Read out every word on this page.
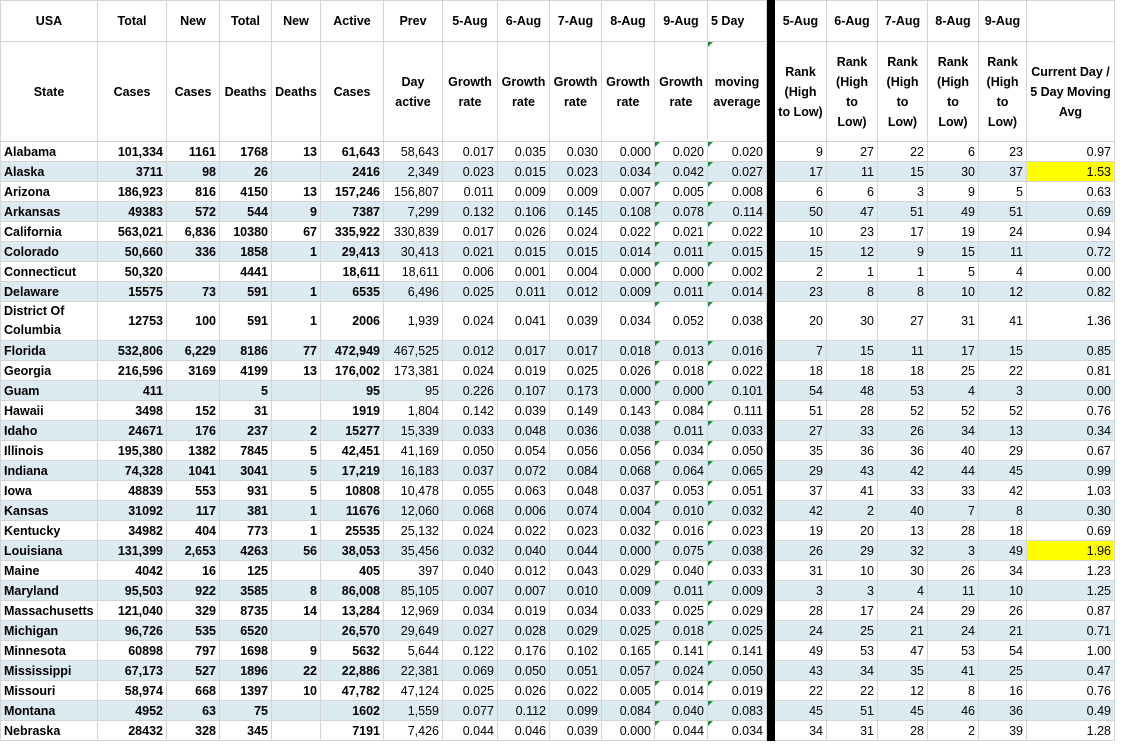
USA	Total	New	Total	New	Active	Prev	5-Aug	6-Aug	7-Aug	8-Aug	9-Aug	5 Day		5-Aug	6-Aug	7-Aug	8-Aug	9-Aug	
State	Cases	Cases	Deaths	Deaths	Cases	Day active	Growth rate	Growth rate	Growth rate	Growth rate	Growth rate	moving average		Rank (High to Low)	Rank (High to Low)	Rank (High to Low)	Rank (High to Low)	Rank (High to Low)	Current Day / 5 Day Moving Avg
Alabama	101,334	1161	1768	13	61,643	58,643	0.017	0.035	0.030	0.000	0.020	0.020		9	27	22	6	23	0.97
Alaska	3711	98	26		2416	2,349	0.023	0.015	0.023	0.034	0.042	0.027		17	11	15	30	37	1.53
Arizona	186,923	816	4150	13	157,246	156,807	0.011	0.009	0.009	0.007	0.005	0.008		6	6	3	9	5	0.63
Arkansas	49383	572	544	9	7387	7,299	0.132	0.106	0.145	0.108	0.078	0.114		50	47	51	49	51	0.69
California	563,021	6,836	10380	67	335,922	330,839	0.017	0.026	0.024	0.022	0.021	0.022		10	23	17	19	24	0.94
Colorado	50,660	336	1858	1	29,413	30,413	0.021	0.015	0.015	0.014	0.011	0.015		15	12	9	15	11	0.72
Connecticut	50,320		4441		18,611	18,611	0.006	0.001	0.004	0.000	0.000	0.002		2	1	1	5	4	0.00
Delaware	15575	73	591	1	6535	6,496	0.025	0.011	0.012	0.009	0.011	0.014		23	8	8	10	12	0.82
District Of Columbia	12753	100	591	1	2006	1,939	0.024	0.041	0.039	0.034	0.052	0.038		20	30	27	31	41	1.36
Florida	532,806	6,229	8186	77	472,949	467,525	0.012	0.017	0.017	0.018	0.013	0.016		7	15	11	17	15	0.85
Georgia	216,596	3169	4199	13	176,002	173,381	0.024	0.019	0.025	0.026	0.018	0.022		18	18	18	25	22	0.81
Guam	411		5		95	95	0.226	0.107	0.173	0.000	0.000	0.101		54	48	53	4	3	0.00
Hawaii	3498	152	31		1919	1,804	0.142	0.039	0.149	0.143	0.084	0.111		51	28	52	52	52	0.76
Idaho	24671	176	237	2	15277	15,339	0.033	0.048	0.036	0.038	0.011	0.033		27	33	26	34	13	0.34
Illinois	195,380	1382	7845	5	42,451	41,169	0.050	0.054	0.056	0.056	0.034	0.050		35	36	36	40	29	0.67
Indiana	74,328	1041	3041	5	17,219	16,183	0.037	0.072	0.084	0.068	0.064	0.065		29	43	42	44	45	0.99
Iowa	48839	553	931	5	10808	10,478	0.055	0.063	0.048	0.037	0.053	0.051		37	41	33	33	42	1.03
Kansas	31092	117	381	1	11676	12,060	0.068	0.006	0.074	0.004	0.010	0.032		42	2	40	7	8	0.30
Kentucky	34982	404	773	1	25535	25,132	0.024	0.022	0.023	0.032	0.016	0.023		19	20	13	28	18	0.69
Louisiana	131,399	2,653	4263	56	38,053	35,456	0.032	0.040	0.044	0.000	0.075	0.038		26	29	32	3	49	1.96
Maine	4042	16	125		405	397	0.040	0.012	0.043	0.029	0.040	0.033		31	10	30	26	34	1.23
Maryland	95,503	922	3585	8	86,008	85,105	0.007	0.007	0.010	0.009	0.011	0.009		3	3	4	11	10	1.25
Massachusetts	121,040	329	8735	14	13,284	12,969	0.034	0.019	0.034	0.033	0.025	0.029		28	17	24	29	26	0.87
Michigan	96,726	535	6520		26,570	29,649	0.027	0.028	0.029	0.025	0.018	0.025		24	25	21	24	21	0.71
Minnesota	60898	797	1698	9	5632	5,644	0.122	0.176	0.102	0.165	0.141	0.141		49	53	47	53	54	1.00
Mississippi	67,173	527	1896	22	22,886	22,381	0.069	0.050	0.051	0.057	0.024	0.050		43	34	35	41	25	0.47
Missouri	58,974	668	1397	10	47,782	47,124	0.025	0.026	0.022	0.005	0.014	0.019		22	22	12	8	16	0.76
Montana	4952	63	75		1602	1,559	0.077	0.112	0.099	0.084	0.040	0.083		45	51	45	46	36	0.49
Nebraska	28432	328	345		7191	7,426	0.044	0.046	0.039	0.000	0.044	0.034		34	31	28	2	39	1.28
